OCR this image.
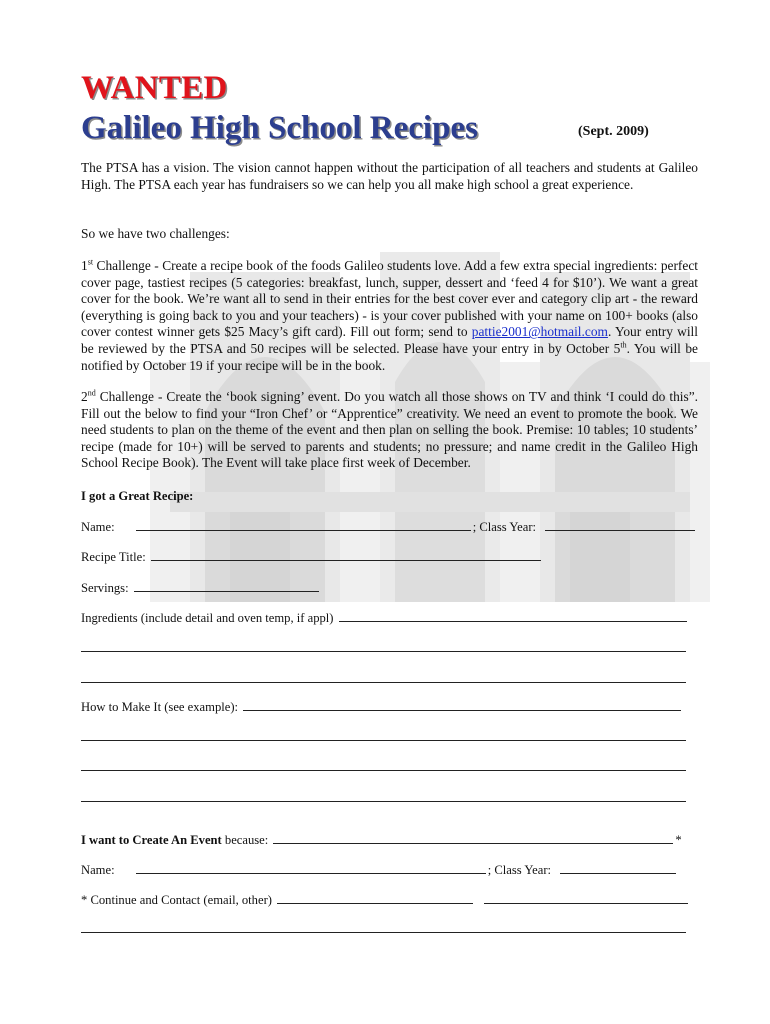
WANTED
Galileo High School Recipes	(Sept. 2009)
The PTSA has a vision. The vision cannot happen without the participation of all teachers and students at Galileo High. The PTSA each year has fundraisers so we can help you all make high school a great experience.
So we have two challenges:
1st Challenge - Create a recipe book of the foods Galileo students love. Add a few extra special ingredients: perfect cover page, tastiest recipes (5 categories: breakfast, lunch, supper, dessert and ‘feed 4 for $10’). We want a great cover for the book. We’re want all to send in their entries for the best cover ever and category clip art - the reward (everything is going back to you and your teachers) - is your cover published with your name on 100+ books (also cover contest winner gets $25 Macy’s gift card). Fill out form; send to pattie2001@hotmail.com. Your entry will be reviewed by the PTSA and 50 recipes will be selected. Please have your entry in by October 5th. You will be notified by October 19 if your recipe will be in the book.
2nd Challenge - Create the ‘book signing’ event. Do you watch all those shows on TV and think ‘I could do this”. Fill out the below to find your “Iron Chef’ or “Apprentice” creativity. We need an event to promote the book. We need students to plan on the theme of the event and then plan on selling the book. Premise: 10 tables; 10 students’ recipe (made for 10+) will be served to parents and students; no pressure; and name credit in the Galileo High School Recipe Book). The Event will take place first week of December.
I got a Great Recipe:
Name:	; Class Year:
Recipe Title:
Servings:
Ingredients (include detail and oven temp, if appl)
How to Make It (see example):
I want to Create An Event because:	*
Name:	; Class Year:
* Continue and Contact (email, other)
